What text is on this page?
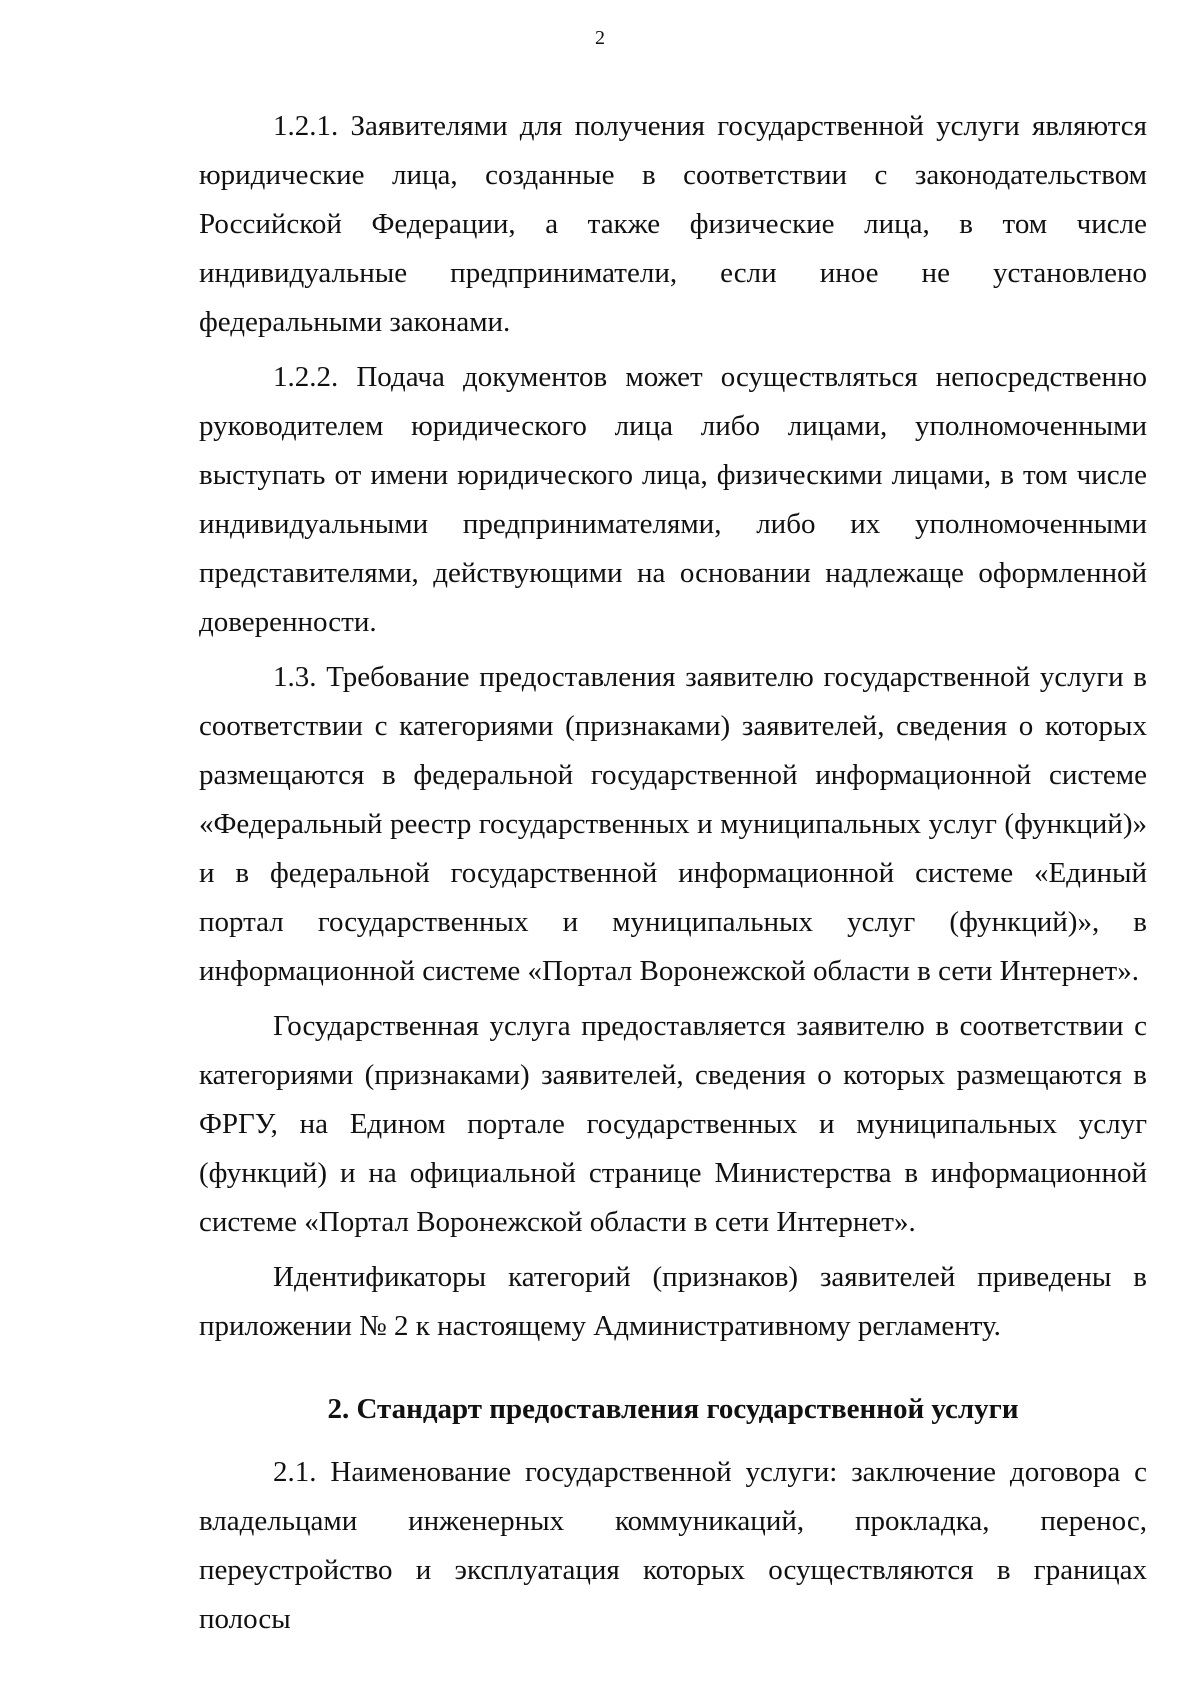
2

1.2.1. Заявителями для получения государственной услуги являются юридические лица, созданные в соответствии с законодательством Российской Федерации, а также физические лица, в том числе индивидуальные предприниматели, если иное не установлено федеральными законами.

1.2.2. Подача документов может осуществляться непосредственно руководителем юридического лица либо лицами, уполномоченными выступать от имени юридического лица, физическими лицами, в том числе индивидуальными предпринимателями, либо их уполномоченными представителями, действующими на основании надлежаще оформленной доверенности.

1.3. Требование предоставления заявителю государственной услуги в соответствии с категориями (признаками) заявителей, сведения о которых размещаются в федеральной государственной информационной системе «Федеральный реестр государственных и муниципальных услуг (функций)» и в федеральной государственной информационной системе «Единый портал государственных и муниципальных услуг (функций)», в информационной системе «Портал Воронежской области в сети Интернет».

Государственная услуга предоставляется заявителю в соответствии с категориями (признаками) заявителей, сведения о которых размещаются в ФРГУ, на Едином портале государственных и муниципальных услуг (функций) и на официальной странице Министерства в информационной системе «Портал Воронежской области в сети Интернет».

Идентификаторы категорий (признаков) заявителей приведены в приложении № 2 к настоящему Административному регламенту.

2. Стандарт предоставления государственной услуги

2.1. Наименование государственной услуги: заключение договора с владельцами инженерных коммуникаций, прокладка, перенос, переустройство и эксплуатация которых осуществляются в границах полосы
